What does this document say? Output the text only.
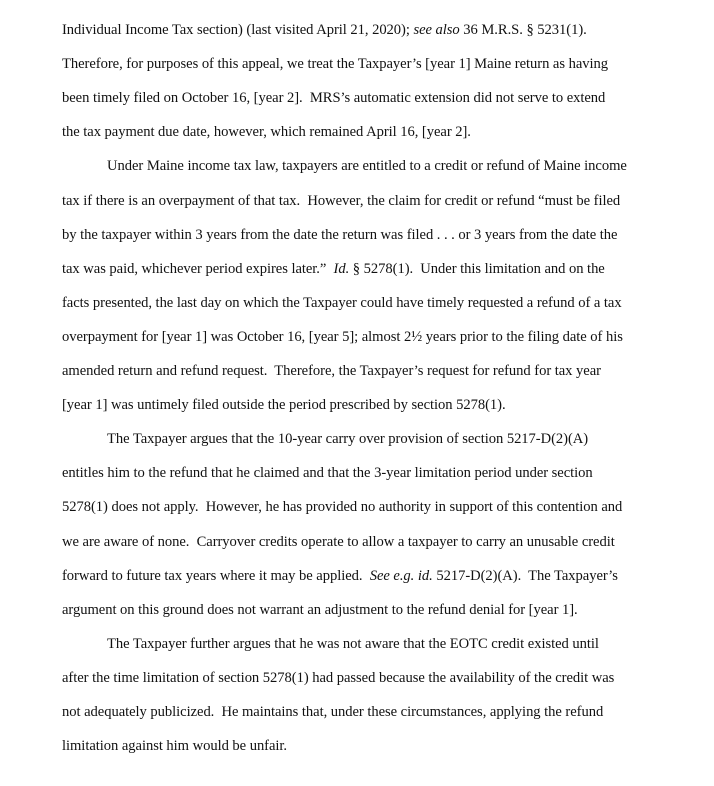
Individual Income Tax section) (last visited April 21, 2020); see also 36 M.R.S. § 5231(1).
Therefore, for purposes of this appeal, we treat the Taxpayer’s [year 1] Maine return as having
been timely filed on October 16, [year 2].  MRS’s automatic extension did not serve to extend
the tax payment due date, however, which remained April 16, [year 2].
Under Maine income tax law, taxpayers are entitled to a credit or refund of Maine income
tax if there is an overpayment of that tax.  However, the claim for credit or refund “must be filed
by the taxpayer within 3 years from the date the return was filed . . . or 3 years from the date the
tax was paid, whichever period expires later.”  Id. § 5278(1).  Under this limitation and on the
facts presented, the last day on which the Taxpayer could have timely requested a refund of a tax
overpayment for [year 1] was October 16, [year 5]; almost 2½ years prior to the filing date of his
amended return and refund request.  Therefore, the Taxpayer’s request for refund for tax year
[year 1] was untimely filed outside the period prescribed by section 5278(1).
The Taxpayer argues that the 10-year carry over provision of section 5217-D(2)(A)
entitles him to the refund that he claimed and that the 3-year limitation period under section
5278(1) does not apply.  However, he has provided no authority in support of this contention and
we are aware of none.  Carryover credits operate to allow a taxpayer to carry an unusable credit
forward to future tax years where it may be applied.  See e.g. id. 5217-D(2)(A).  The Taxpayer’s
argument on this ground does not warrant an adjustment to the refund denial for [year 1].
The Taxpayer further argues that he was not aware that the EOTC credit existed until
after the time limitation of section 5278(1) had passed because the availability of the credit was
not adequately publicized.  He maintains that, under these circumstances, applying the refund
limitation against him would be unfair.
